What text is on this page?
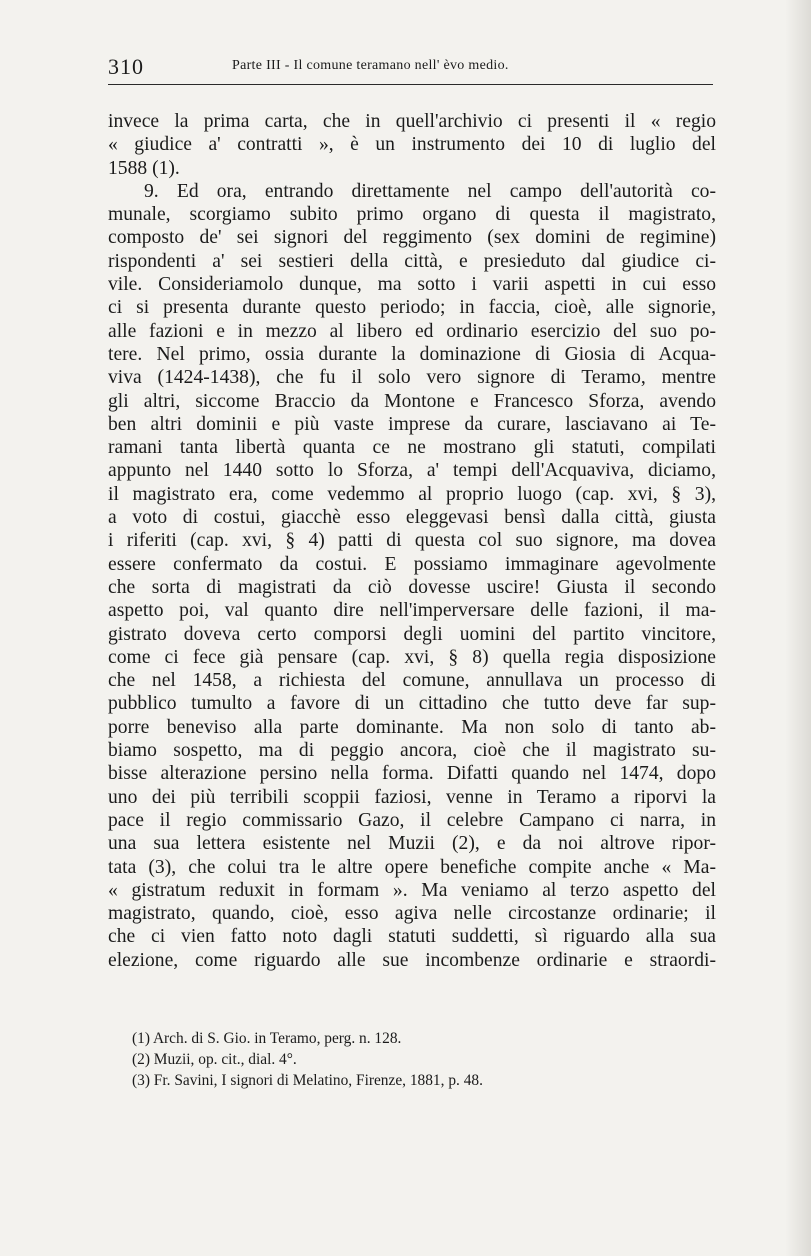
310	Parte III - Il comune teramano nell' èvo medio.
invece la prima carta, che in quell'archivio ci presenti il « regio
« giudice a' contratti », è un instrumento dei 10 di luglio del
1588 (1).
9. Ed ora, entrando direttamente nel campo dell'autorità co-
munale, scorgiamo subito primo organo di questa il magistrato,
composto de' sei signori del reggimento (sex domini de regimine)
rispondenti a' sei sestieri della città, e presieduto dal giudice ci-
vile. Consideriamolo dunque, ma sotto i varii aspetti in cui esso
ci si presenta durante questo periodo; in faccia, cioè, alle signorie,
alle fazioni e in mezzo al libero ed ordinario esercizio del suo po-
tere. Nel primo, ossia durante la dominazione di Giosia di Acqua-
viva (1424-1438), che fu il solo vero signore di Teramo, mentre
gli altri, siccome Braccio da Montone e Francesco Sforza, avendo
ben altri dominii e più vaste imprese da curare, lasciavano ai Te-
ramani tanta libertà quanta ce ne mostrano gli statuti, compilati
appunto nel 1440 sotto lo Sforza, a' tempi dell'Acquaviva, diciamo,
il magistrato era, come vedemmo al proprio luogo (cap. xvi, § 3),
a voto di costui, giacchè esso eleggevasi bensì dalla città, giusta
i riferiti (cap. xvi, § 4) patti di questa col suo signore, ma dovea
essere confermato da costui. E possiamo immaginare agevolmente
che sorta di magistrati da ciò dovesse uscire! Giusta il secondo
aspetto poi, val quanto dire nell'imperversare delle fazioni, il ma-
gistrato doveva certo comporsi degli uomini del partito vincitore,
come ci fece già pensare (cap. xvi, § 8) quella regia disposizione
che nel 1458, a richiesta del comune, annullava un processo di
pubblico tumulto a favore di un cittadino che tutto deve far sup-
porre beneviso alla parte dominante. Ma non solo di tanto ab-
biamo sospetto, ma di peggio ancora, cioè che il magistrato su-
bisse alterazione persino nella forma. Difatti quando nel 1474, dopo
uno dei più terribili scoppii faziosi, venne in Teramo a riporvi la
pace il regio commissario Gazo, il celebre Campano ci narra, in
una sua lettera esistente nel Muzii (2), e da noi altrove ripor-
tata (3), che colui tra le altre opere benefiche compite anche « Ma-
« gistratum reduxit in formam ». Ma veniamo al terzo aspetto del
magistrato, quando, cioè, esso agiva nelle circostanze ordinarie; il
che ci vien fatto noto dagli statuti suddetti, sì riguardo alla sua
elezione, come riguardo alle sue incombenze ordinarie e straordi-
(1) Arch. di S. Gio. in Teramo, perg. n. 128.
(2) Muzii, op. cit., dial. 4°.
(3) Fr. Savini, I signori di Melatino, Firenze, 1881, p. 48.
